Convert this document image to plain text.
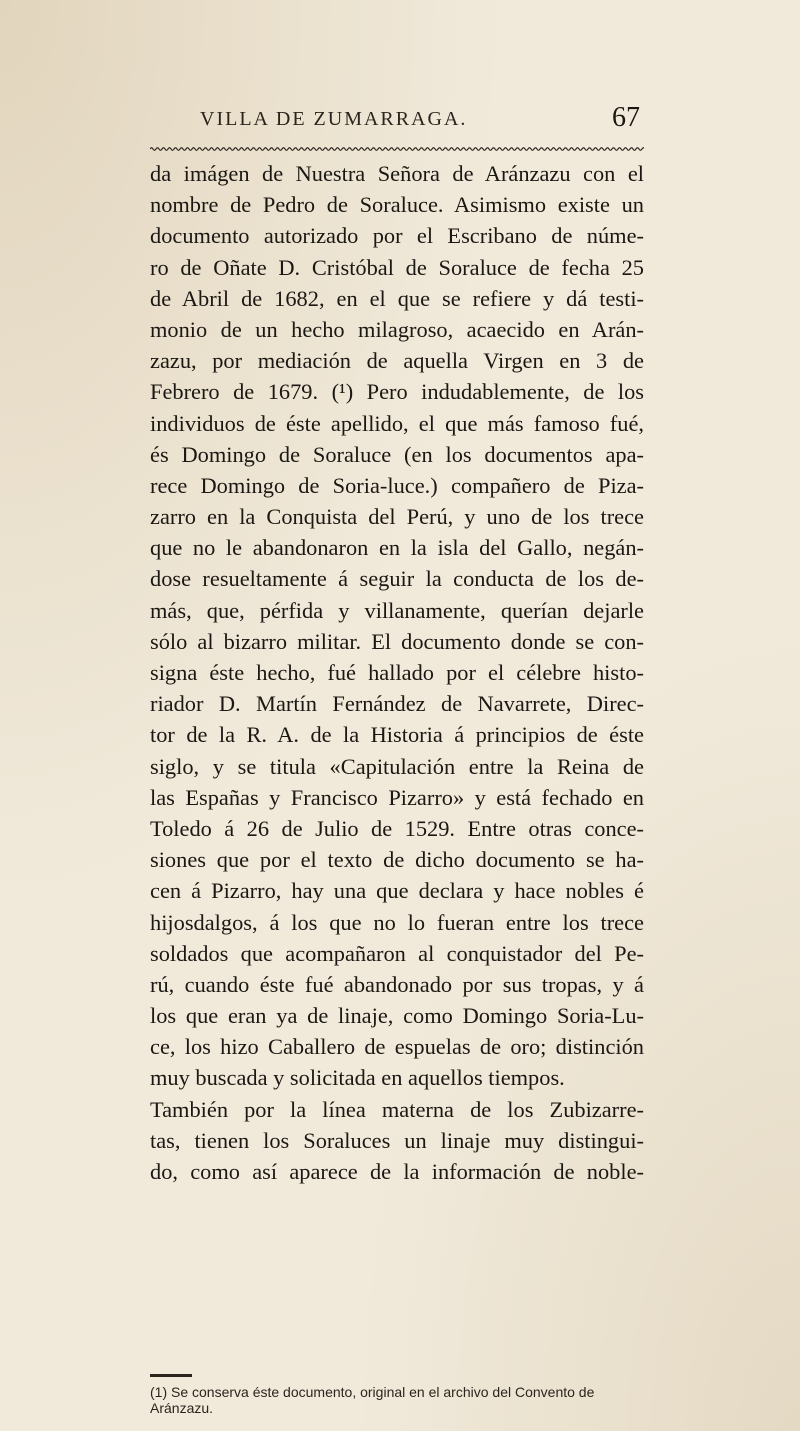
VILLA DE ZUMARRAGA.	67
da imágen de Nuestra Señora de Aránzazu con el
nombre de Pedro de Soraluce. Asimismo existe un
documento autorizado por el Escribano de núme-
ro de Oñate D. Cristóbal de Soraluce de fecha 25
de Abril de 1682, en el que se refiere y dá testi-
monio de un hecho milagroso, acaecido en Arán-
zazu, por mediación de aquella Virgen en 3 de
Febrero de 1679. (¹) Pero indudablemente, de los
individuos de éste apellido, el que más famoso fué,
és Domingo de Soraluce (en los documentos apa-
rece Domingo de Soria-luce.) compañero de Piza-
zarro en la Conquista del Perú, y uno de los trece
que no le abandonaron en la isla del Gallo, negán-
dose resueltamente á seguir la conducta de los de-
más, que, pérfida y villanamente, querían dejarle
sólo al bizarro militar. El documento donde se con-
signa éste hecho, fué hallado por el célebre histo-
riador D. Martín Fernández de Navarrete, Direc-
tor de la R. A. de la Historia á principios de éste
siglo, y se titula «Capitulación entre la Reina de
las Españas y Francisco Pizarro» y está fechado en
Toledo á 26 de Julio de 1529. Entre otras conce-
siones que por el texto de dicho documento se ha-
cen á Pizarro, hay una que declara y hace nobles é
hijosdalgos, á los que no lo fueran entre los trece
soldados que acompañaron al conquistador del Pe-
rú, cuando éste fué abandonado por sus tropas, y á
los que eran ya de linaje, como Domingo Soria-Lu-
ce, los hizo Caballero de espuelas de oro; distinción
muy buscada y solicitada en aquellos tiempos.
También por la línea materna de los Zubizarre-
tas, tienen los Soraluces un linaje muy distingui-
do, como así aparece de la información de noble-
(1) Se conserva éste documento, original en el archivo del Convento de Aránzazu.
